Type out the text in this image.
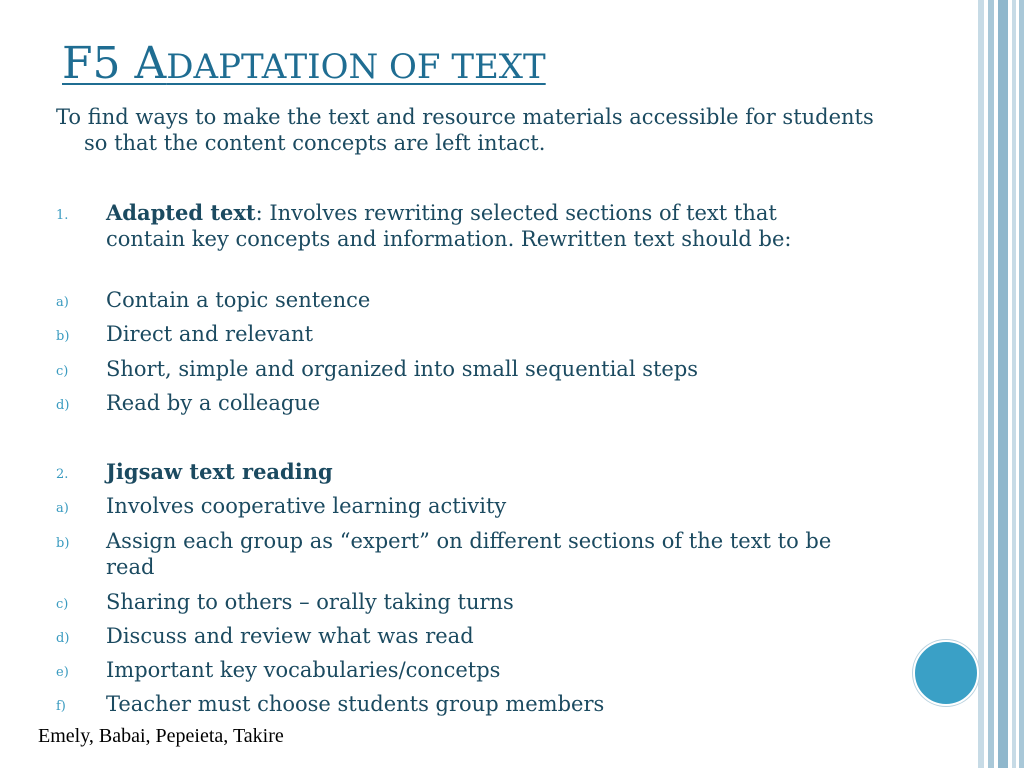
F5 ADAPTATION OF TEXT

To find ways to make the text and resource materials accessible for students so that the content concepts are left intact.

1. Adapted text: Involves rewriting selected sections of text that contain key concepts and information. Rewritten text should be:
a) Contain a topic sentence
b) Direct and relevant
c) Short, simple and organized into small sequential steps
d) Read by a colleague
2. Jigsaw text reading
a) Involves cooperative learning activity
b) Assign each group as “expert” on different sections of the text to be read
c) Sharing to others – orally taking turns
d) Discuss and review what was read
e) Important key vocabularies/concetps
f) Teacher must choose students group members
Emely, Babai, Pepeieta, Takire
